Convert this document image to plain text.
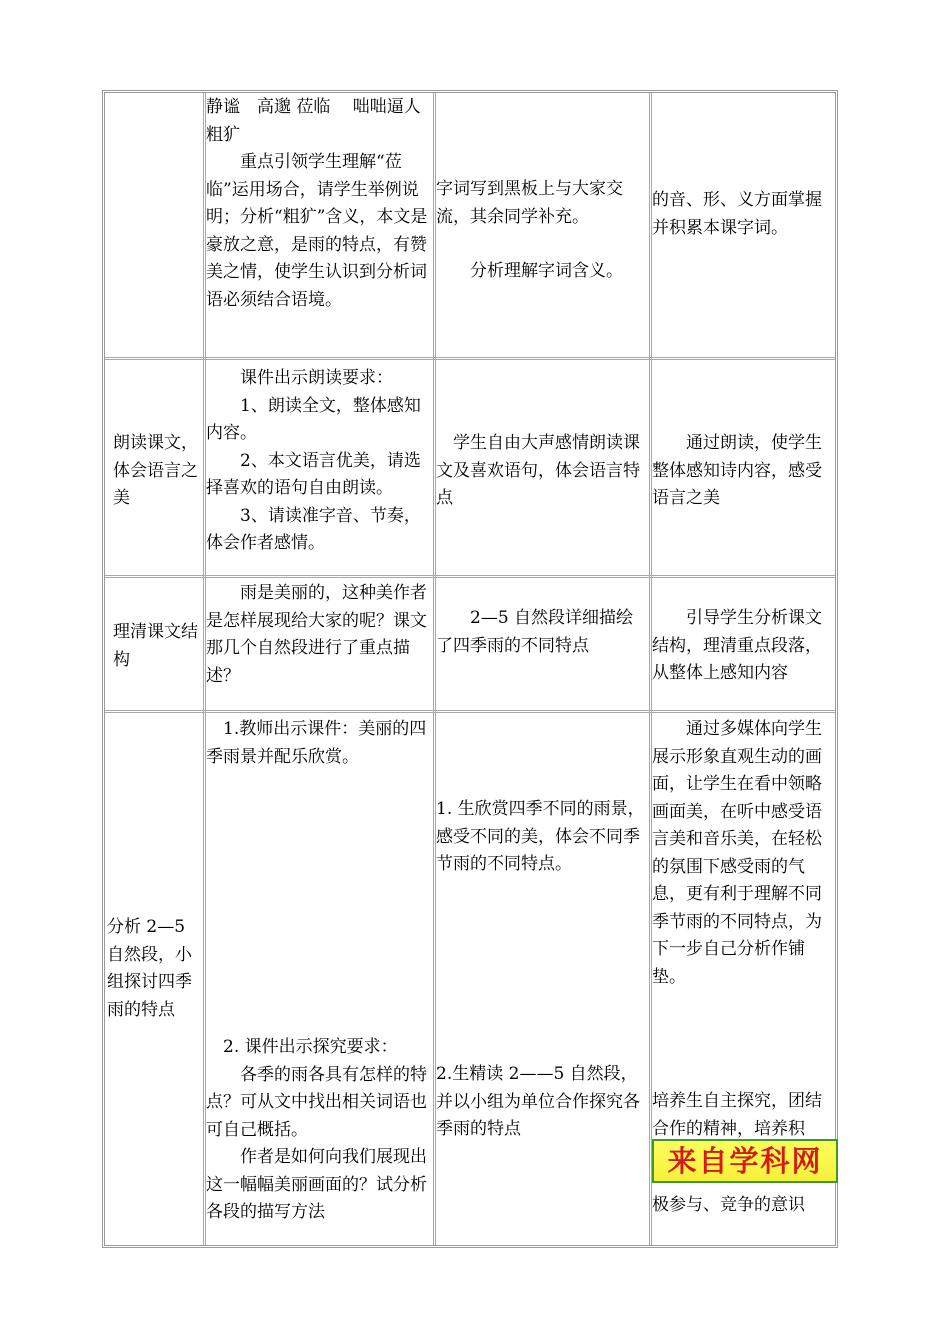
静谧　高邈 莅临　 咄咄逼人 粗犷

重点引领学生理解“莅临”运用场合，请学生举例说明；分析“粗犷”含义，本文是豪放之意，是雨的特点，有赞美之情，使学生认识到分析词语必须结合语境。

字词写到黑板上与大家交流，其余同学补充。

分析理解字词含义。

的音、形、义方面掌握并积累本课字词。

朗读课文，体会语言之美

课件出示朗读要求：

1、朗读全文，整体感知内容。

2、本文语言优美，请选择喜欢的语句自由朗读。

3、请读准字音、节奏，体会作者感情。

学生自由大声感情朗读课文及喜欢语句，体会语言特点

通过朗读，使学生整体感知诗内容，感受语言之美

理清课文结构

雨是美丽的，这种美作者是怎样展现给大家的呢？课文那几个自然段进行了重点描述？

2—5 自然段详细描绘了四季雨的不同特点

引导学生分析课文结构，理清重点段落，从整体上感知内容

分析 2—5 自然段，小组探讨四季雨的特点

1.教师出示课件：美丽的四季雨景并配乐欣赏。

2. 课件出示探究要求：

各季的雨各具有怎样的特点？可从文中找出相关词语也可自己概括。

作者是如何向我们展现出这一幅幅美丽画面的？试分析各段的描写方法

1. 生欣赏四季不同的雨景，感受不同的美，体会不同季节雨的不同特点。

2.生精读 2——5 自然段，并以小组为单位合作探究各季雨的特点

通过多媒体向学生展示形象直观生动的画面，让学生在看中领略画面美，在听中感受语言美和音乐美，在轻松的氛围下感受雨的气息，更有利于理解不同季节雨的不同特点，为下一步自己分析作铺垫。

培养生自主探究，团结合作的精神，培养积

来自学科网

极参与、竞争的意识
